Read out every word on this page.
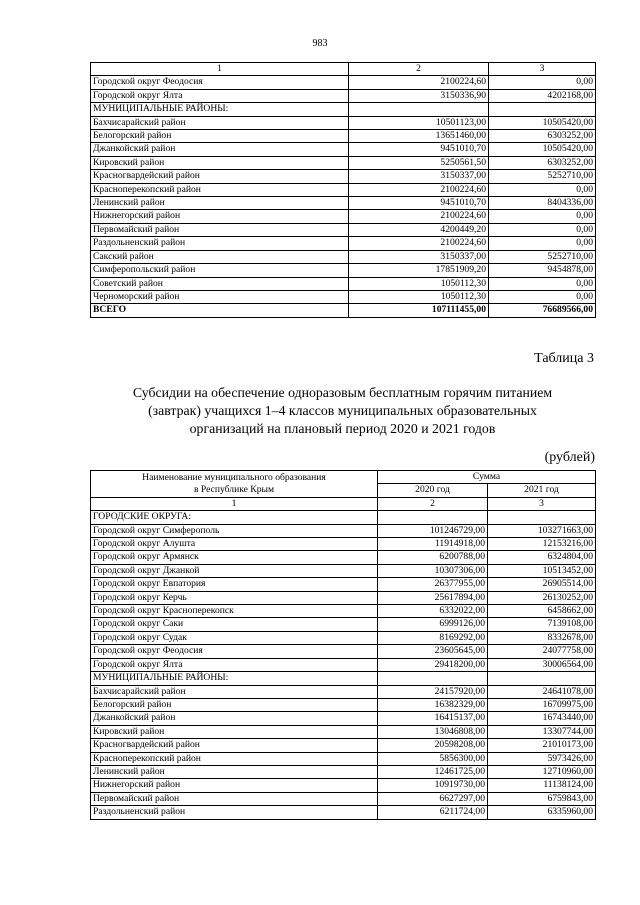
983
1	2	3
Городской округ Феодосия	2100224,60	0,00
Городской округ Ялта	3150336,90	4202168,00
МУНИЦИПАЛЬНЫЕ РАЙОНЫ:		
Бахчисарайский район	10501123,00	10505420,00
Белогорский район	13651460,00	6303252,00
Джанкойский район	9451010,70	10505420,00
Кировский район	5250561,50	6303252,00
Красногвардейский район	3150337,00	5252710,00
Красноперекопский район	2100224,60	0,00
Ленинский район	9451010,70	8404336,00
Нижнегорский район	2100224,60	0,00
Первомайский район	4200449,20	0,00
Раздольненский район	2100224,60	0,00
Сакский район	3150337,00	5252710,00
Симферопольский район	17851909,20	9454878,00
Советский район	1050112,30	0,00
Черноморский район	1050112,30	0,00
ВСЕГО	107111455,00	76689566,00
Таблица 3
Субсидии на обеспечение одноразовым бесплатным горячим питанием
(завтрак) учащихся 1–4 классов муниципальных образовательных
организаций на плановый период 2020 и 2021 годов
(рублей)
Наименование муниципального образования
в Республике Крым	Сумма	
	2020 год	2021 год
1	2	3
ГОРОДСКИЕ ОКРУГА:		
Городской округ Симферополь	101246729,00	103271663,00
Городской округ Алушта	11914918,00	12153216,00
Городской округ Армянск	6200788,00	6324804,00
Городской округ Джанкой	10307306,00	10513452,00
Городской округ Евпатория	26377955,00	26905514,00
Городской округ Керчь	25617894,00	26130252,00
Городской округ Красноперекопск	6332022,00	6458662,00
Городской округ Саки	6999126,00	7139108,00
Городской округ Судак	8169292,00	8332678,00
Городской округ Феодосия	23605645,00	24077758,00
Городской округ Ялта	29418200,00	30006564,00
МУНИЦИПАЛЬНЫЕ РАЙОНЫ:		
Бахчисарайский район	24157920,00	24641078,00
Белогорский район	16382329,00	16709975,00
Джанкойский район	16415137,00	16743440,00
Кировский район	13046808,00	13307744,00
Красногвардейский район	20598208,00	21010173,00
Красноперекопский район	5856300,00	5973426,00
Ленинский район	12461725,00	12710960,00
Нижнегорский район	10919730,00	11138124,00
Первомайский район	6627297,00	6759843,00
Раздольненский район	6211724,00	6335960,00
